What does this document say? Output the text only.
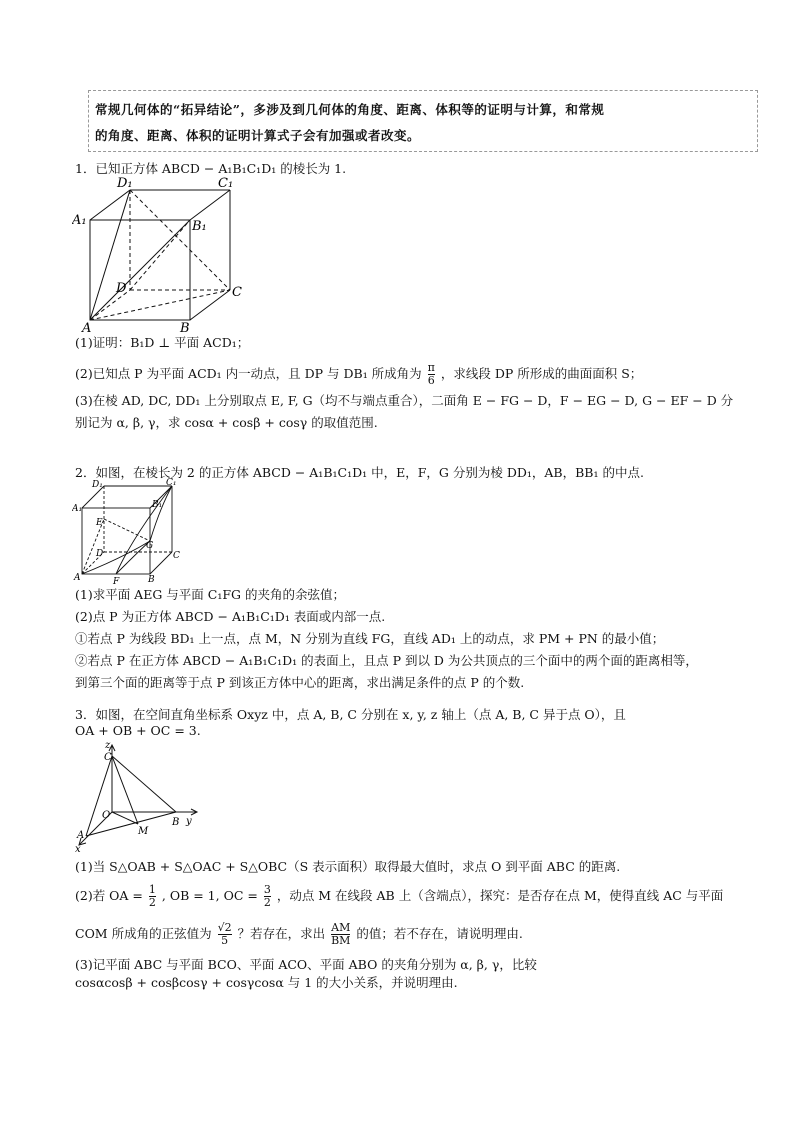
常规几何体的“拓异结论”，多涉及到几何体的角度、距离、体积等的证明与计算，和常规
的角度、距离、体积的证明计算式子会有加强或者改变。
1．已知正方体 ABCD − A₁B₁C₁D₁ 的棱长为 1.
D₁	C₁
A₁	B₁
D	C
A	B
(1)证明：B₁D ⊥ 平面 ACD₁；
(2)已知点 P 为平面 ACD₁ 内一动点，且 DP 与 DB₁ 所成角为 $\frac{\pi}{6}$ ，求线段 DP 所形成的曲面面积 S；
(3)在棱 AD, DC, DD₁ 上分别取点 E, F, G（均不与端点重合），二面角 E − FG − D，F − EG − D, G − EF − D 分
别记为 α, β, γ，求 cosα + cosβ + cosγ 的取值范围.
2．如图，在棱长为 2 的正方体 ABCD − A₁B₁C₁D₁ 中，E，F，G 分别为棱 DD₁，AB，BB₁ 的中点.
D₁	C₁
A₁	B₁
E
G
D	C
A	F	B
(1)求平面 AEG 与平面 C₁FG 的夹角的余弦值；
(2)点 P 为正方体 ABCD − A₁B₁C₁D₁ 表面或内部一点.
①若点 P 为线段 BD₁ 上一点，点 M，N 分别为直线 FG，直线 AD₁ 上的动点，求 PM + PN 的最小值；
②若点 P 在正方体 ABCD − A₁B₁C₁D₁ 的表面上，且点 P 到以 D 为公共顶点的三个面中的两个面的距离相等，
到第三个面的距离等于点 P 到该正方体中心的距离，求出满足条件的点 P 的个数.
3．如图，在空间直角坐标系 Oxyz 中，点 A, B, C 分别在 x, y, z 轴上（点 A, B, C 异于点 O），且
OA + OB + OC = 3.
z
C
O
M
B y
A
x
(1)当 S△OAB + S△OAC + S△OBC（S 表示面积）取得最大值时，求点 O 到平面 ABC 的距离.
(2)若 OA = $\frac{1}{2}$ , OB = 1, OC = $\frac{3}{2}$ ，动点 M 在线段 AB 上（含端点），探究：是否存在点 M，使得直线 AC 与平面
COM 所成角的正弦值为 $\frac{√2}{5}$ ？若存在，求出 $\frac{AM}{BM}$ 的值；若不存在，请说明理由.
(3)记平面 ABC 与平面 BCO、平面 ACO、平面 ABO 的夹角分别为 α, β, γ，比较
cosαcosβ + cosβcosγ + cosγcosα 与 1 的大小关系，并说明理由.
